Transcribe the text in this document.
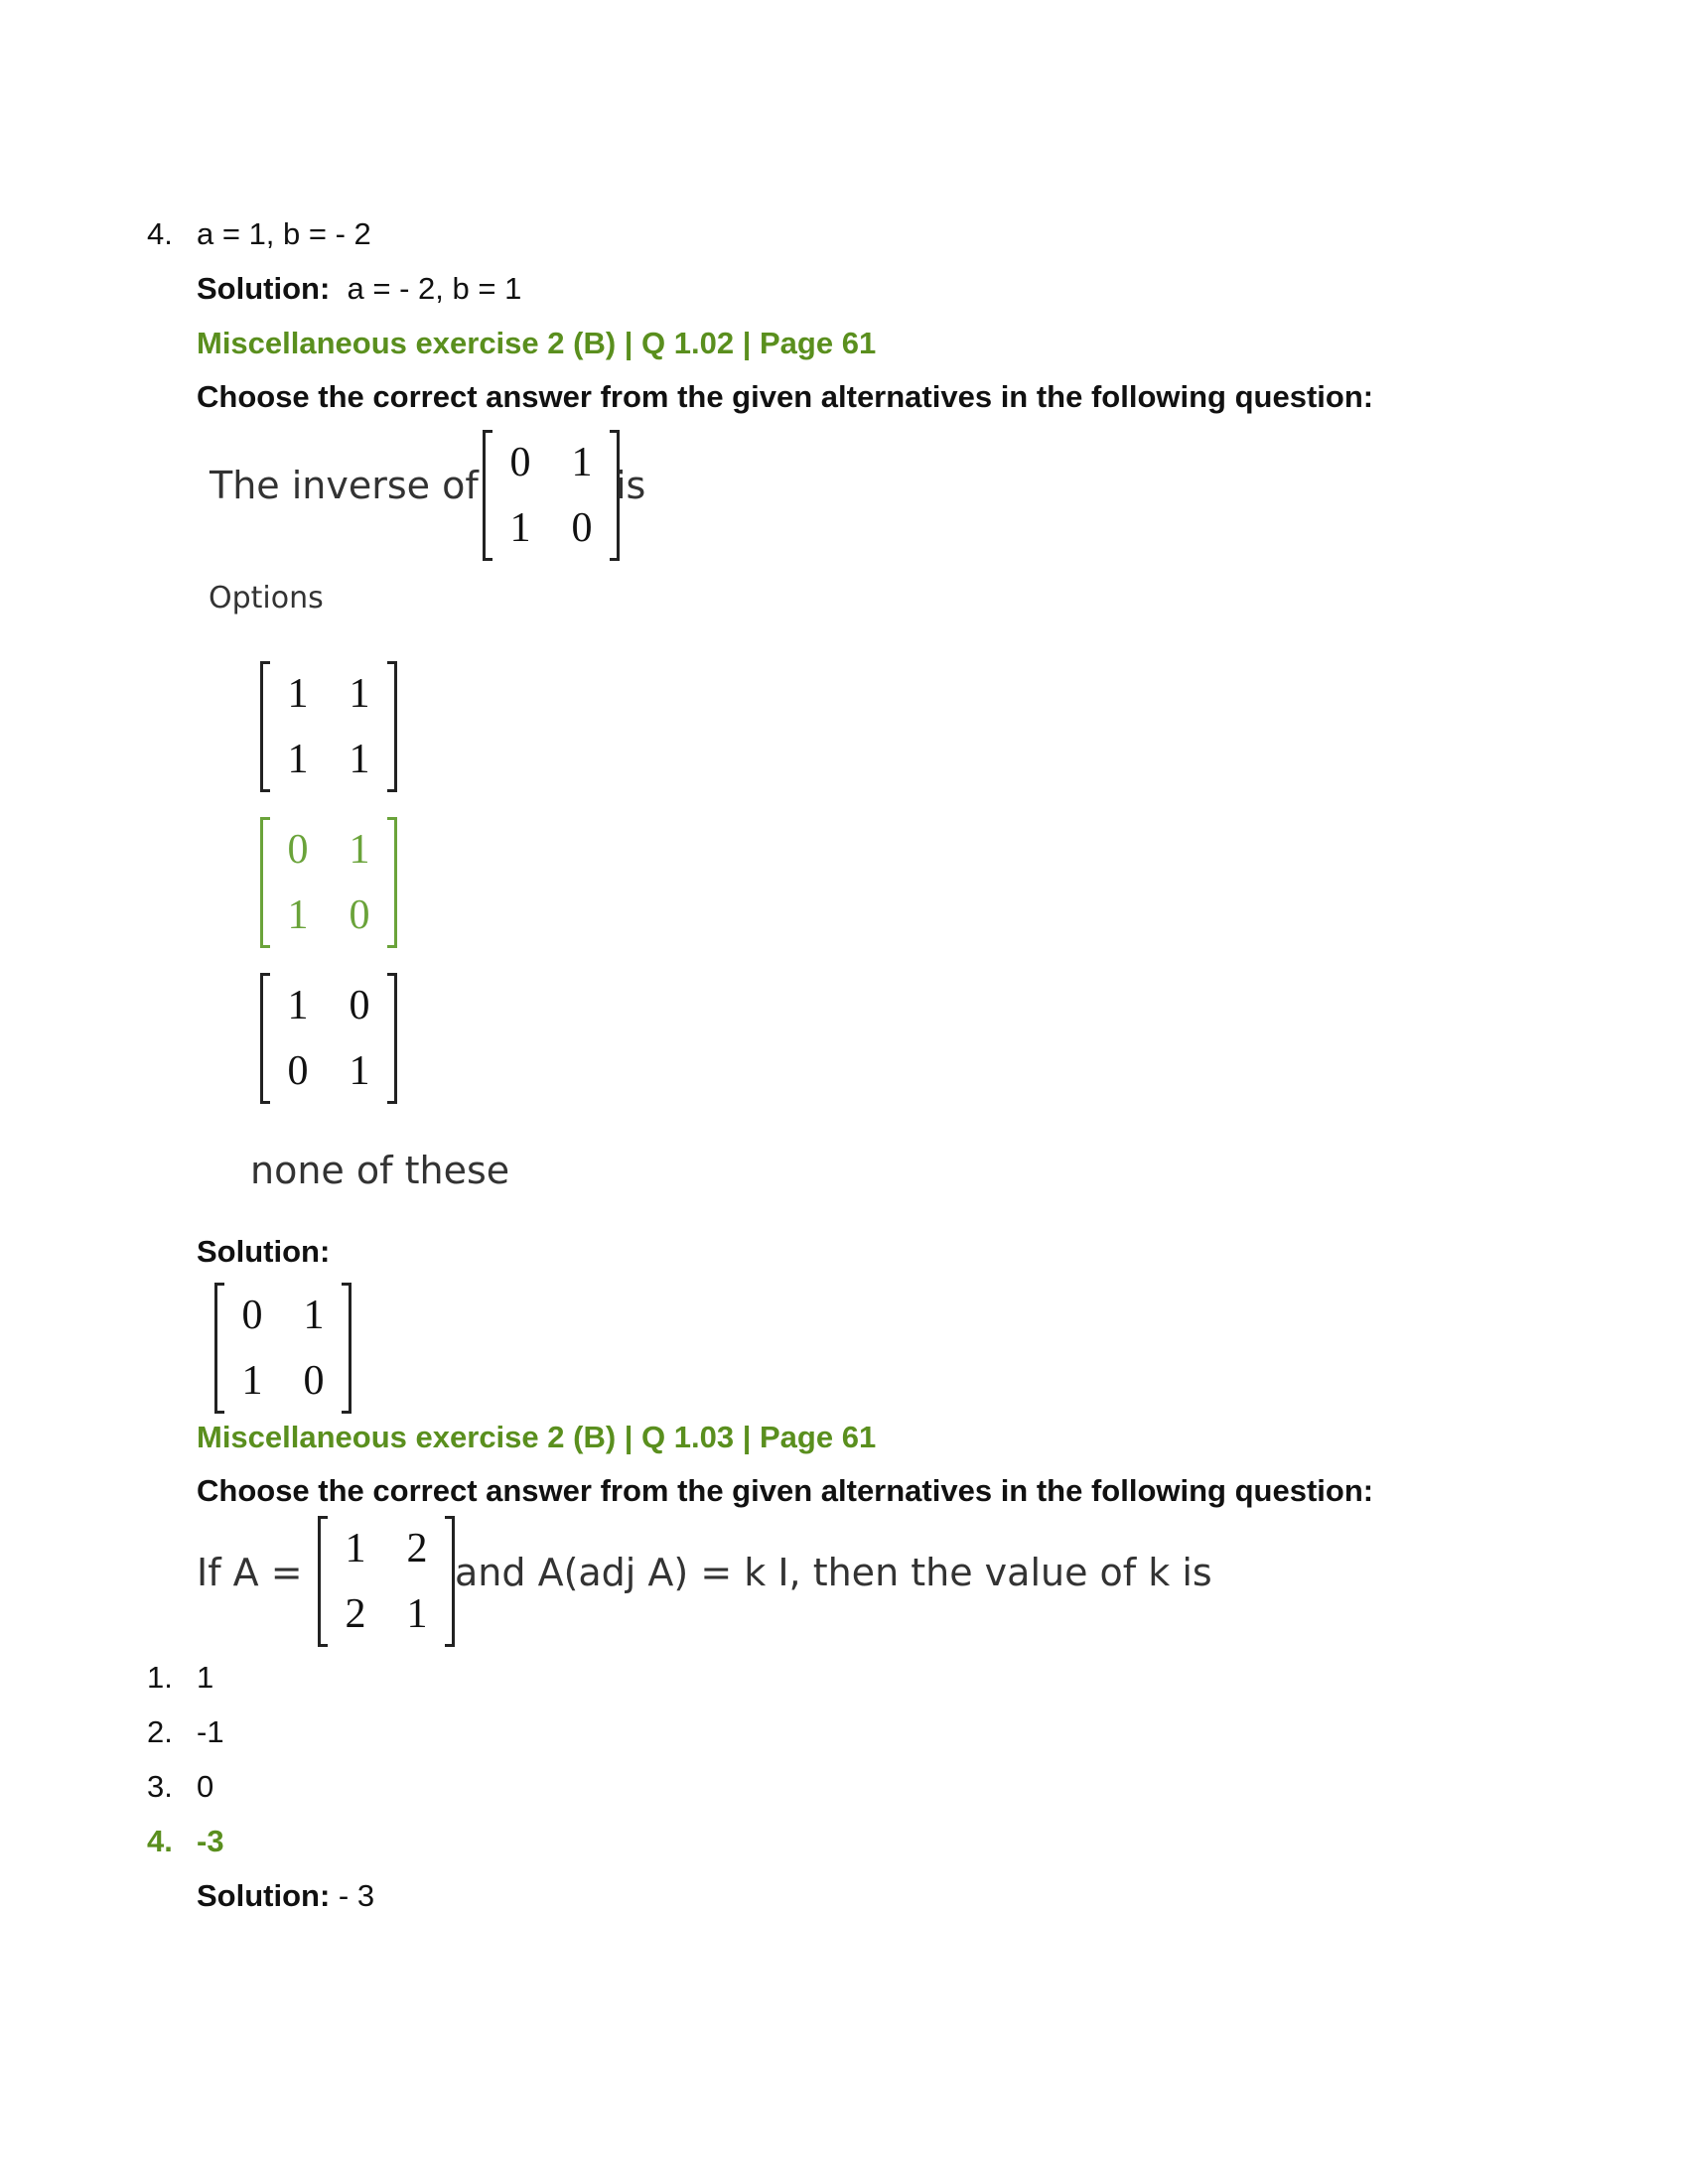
4. a = 1, b = - 2
Solution: a = - 2, b = 1
Miscellaneous exercise 2 (B) | Q 1.02 | Page 61
Choose the correct answer from the given alternatives in the following question:
The inverse of 0 1
1 0
is
Options
1 1
1 1
0 1
1 0
1 0
0 1
none of these
Solution:
0 1
1 0
Miscellaneous exercise 2 (B) | Q 1.03 | Page 61
Choose the correct answer from the given alternatives in the following question:
If A =
1 2
2 1
and A(adj A) = k I, then the value of k is
1. 1
2. -1
3. 0
4. -3
Solution: - 3
